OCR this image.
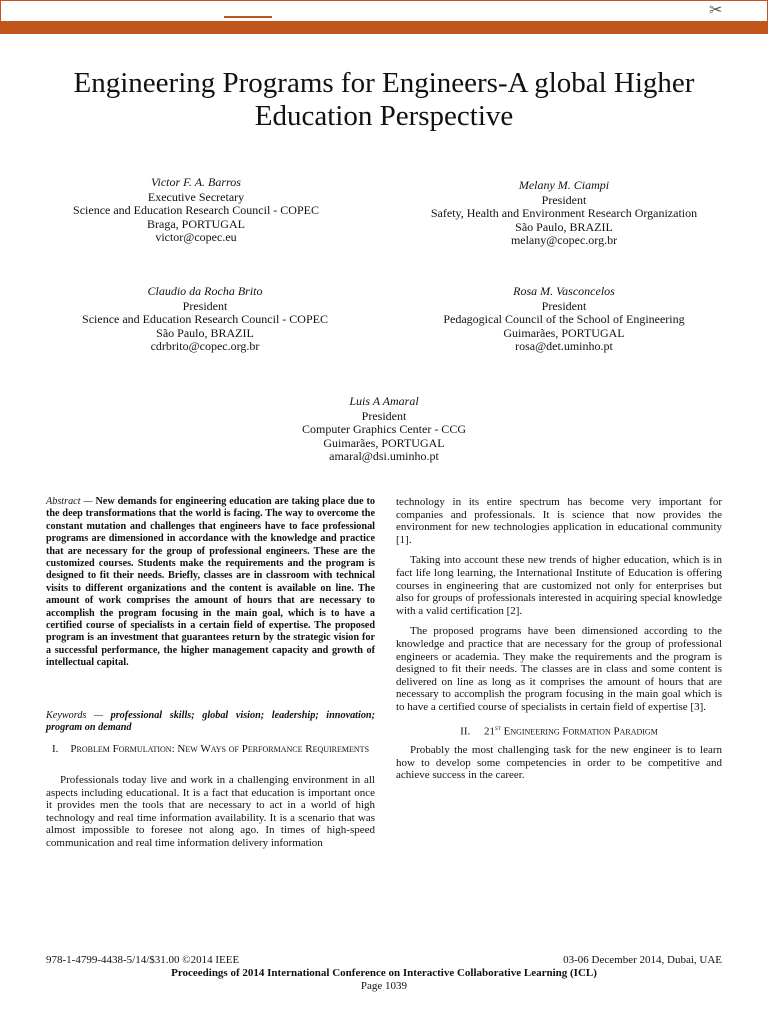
✂
Engineering Programs for Engineers-A global Higher
Education Perspective
Victor F. A. Barros
Executive Secretary
Science and Education Research Council - COPEC
Braga, PORTUGAL
victor@copec.eu
Melany M. Ciampi
President
Safety, Health and Environment Research Organization
São Paulo, BRAZIL
melany@copec.org.br
Claudio da Rocha Brito
President
Science and Education Research Council - COPEC
São Paulo, BRAZIL
cdrbrito@copec.org.br
Rosa M. Vasconcelos
President
Pedagogical Council of the School of Engineering
Guimarães, PORTUGAL
rosa@det.uminho.pt
Luis A Amaral
President
Computer Graphics Center - CCG
Guimarães, PORTUGAL
amaral@dsi.uminho.pt
Abstract — New demands for engineering education are taking place due to the deep transformations that the world is facing. The way to overcome the constant mutation and challenges that engineers have to face professional programs are dimensioned in accordance with the knowledge and practice that are necessary for the group of professional engineers. These are the customized courses. Students make the requirements and the program is designed to fit their needs. Briefly, classes are in classroom with technical visits to different organizations and the content is available on line. The amount of work comprises the amount of hours that are necessary to accomplish the program focusing in the main goal, which is to have a certified course of specialists in a certain field of expertise. The proposed program is an investment that guarantees return by the strategic vision for a successful performance, the higher management capacity and growth of intellectual capital.
Keywords — professional skills; global vision; leadership; innovation; program on demand
I. Problem Formulation: New Ways of Performance Requirements

Professionals today live and work in a challenging environment in all aspects including educational. It is a fact that education is important once it provides men the tools that are necessary to act in a world of high technology and real time information availability. It is a scenario that was almost impossible to foresee not along ago. In times of high-speed communication and real time information delivery information

technology in its entire spectrum has become very important for companies and professionals. It is science that now provides the environment for new technologies application in educational community [1].

Taking into account these new trends of higher education, which is in fact life long learning, the International Institute of Education is offering courses in engineering that are customized not only for enterprises but also for groups of professionals interested in acquiring special knowledge with a valid certification [2].

The proposed programs have been dimensioned according to the knowledge and practice that are necessary for the group of professional engineers or academia. They make the requirements and the program is designed to fit their needs. The classes are in class and some content is delivered on line as long as it comprises the amount of hours that are necessary to accomplish the program focusing in the main goal which is to have a certified course of specialists in certain field of expertise [3].

II. 21st Engineering Formation Paradigm

Probably the most challenging task for the new engineer is to learn how to develop some competencies in order to be competitive and achieve success in the career.

978-1-4799-4438-5/14/$31.00 ©2014 IEEE	03-06 December 2014, Dubai, UAE
Proceedings of 2014 International Conference on Interactive Collaborative Learning (ICL)
Page 1039
